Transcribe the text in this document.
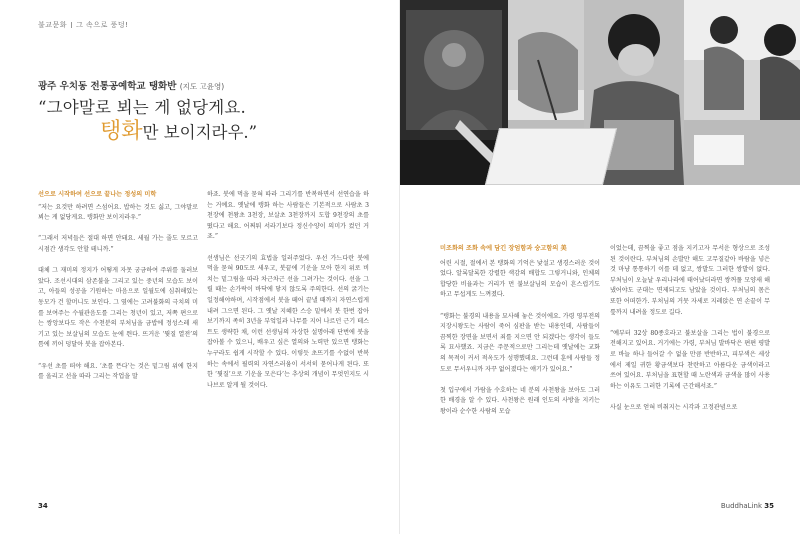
불교문화 그 속으로 풍덩!
광주 우치동 전통공예학교 탱화반 (지도 고윤영)
“그야말로 뵈는 게 없당게요.
탱화만 보이지라우.”
선으로 시작하여 선으로 끝나는 정성의 미학

“저는 요것만 하려면 스섬어요. 밥하는 것도 싫고, 그야말로 뵈는 게 없당게요. 탱화만 보이지라우.”

“그래서 저녁들은 절대 하면 안돼요. 세월 가는 줄도 모르고 시점간 생각도 안할 테니까.”

대체 그 재미의 정지가 어떻게 자못 궁금하여 주위를 둘러보았다. 조선시대의 삼존불을 그리고 있는 중년의 모습도 보이고, 아들의 성공을 기원하는 마음으로 일월도에 심취해있는 동모가 건 할머니도 보인다. 그 옆에는 고려불화의 극치의 미를 보여주는 수월관음도를 그리는 청년이 있고, 저쪽 편으로는 쌍앙보다도 작은 수천분의 부처님을 금밥에 정성스레 새기고 있는 보살님의 모습도 눈에 띈다. 뜨거운 ‘뭣질 열전’의 틈에 끼어 덩달아 붓을 잡아본다.

“우선 초를 떠야 해요. ‘초를 뜬다’는 것은 밑그림 위에 한지를 올리고 선을 따라 그리는 작업을 말

하죠. 붓에 먹을 묻혀 따라 그리기를 반복하면서 선연습을 하는 거예요. 옛날에 탱화 하는 사람들은 기본적으로 사람초 3천장에 천왕초 3천장, 보살초 3천장까지 도합 9천장의 초를 떴다고 해요. 어쩌튀 서라기보다 정신수양이 의미가 컸던 거죠.”

선생님은 선긋기의 효법을 일러주었다. 우선 가느다란 붓에 먹을 묻혀 90도로 세우고, 붓끝에 기운을 모아 한지 위로 비치는 밑그림을 따라 차근차근 선을 그려가는 것이다. 선을 그릴 때는 손가락이 바닥에 닿지 않도록 주의한다. 선의 굵기는 일정해야하며, 시작점에서 붓을 떼어 끝낼 때까지 자연스럽게 내려 그으면 된다. 그 옛날 지혜한 스승 밑에서 붓 한번 잡아보기까지 족히 3년을 부엌일과 나무를 지어 나르던 근기 테스트도 생략한 채, 이런 선생님의 자상한 설명아래 단번에 붓을 잡아볼 수 있으니, 배우고 싶은 열의와 노력만 있으면 탱화는 누구라도 쉽게 시작할 수 있다. 이렇듯 초뜨기를 수없이 반복하는 속에서 필력의 자연스러움이 서서히 묻어나게 된다. 또한 ‘뭣질’으로 기운을 모은다’는 추상의 개념이 무엇인지도 시나브로 알게 될 것이다.

34
미조화의 조화 속에 담긴 장엄함과 숭고함의 美

어린 시절, 절에서 본 탱화의 기억은 낯설고 생경스러운 것이었다. 알록달록한 강렬한 색감의 배합도 그렇거니와, 인체의 합당한 비율과는 거리가 먼 불보살님의 모습이 흔스럽기도 하고 무섭게도 느껴졌다.

“탱화는 불경의 내용을 묘사해 놓은 것이에요. 가령 영부전의 지장시왕도는 사람이 죽어 심판을 받는 내용인데, 사람들이 끔찍한 장면을 보면서 죄를 지으면 안 되겠다는 생각이 들도록 묘사했죠. 지금은 주문적으로만 그리는데 옛날에는 교화의 목적이 커서 적옥도가 성행했데요. 그런데 훈에 사람들 정도로 무서우니까 자꾸 없어졌다는 얘기가 있어요.”

첫 입구에서 가람을 수호하는 네 분의 사천왕을 보아도 그러한 배경을 알 수 있다. 사천왕은 원래 인도의 사방을 지키는 왕이라 순수한 사람의 모습

이었는데, 끔찍을 좋고 점을 지키고자 무서운 형상으로 조성된 것이란다. 부처님의 손발만 해도 고무질같아 바람을 넣은 것 마냥 통통하기 이를 데 없고, 쌍발도 그러한 쌍발이 없다. 부처님이 오늘날 우리나라에 태어났더라면 쌍꺼풀 모양새 해냈어야도 군대는 면제되고도 남았을 것이다. 부처님의 몸은 또한 어떠한가. 부처님의 거뭇 자세로 지레앉은 연 손끝이 무릎까지 내려올 정도로 길다.

“예부터 32상 80종호라고 불보살을 그리는 법이 불경으로 전해지고 있어요. 거기에는 가령, 부처님 발바닥은 편편 평발로 바늘 하나 들어갈 수 없을 만큼 반반하고, 피부색은 세상에서 제일 귀한 황금색보다 찬란하고 아름다운 금색이라고 쓰여 있어요. 부처님을 표현할 때 노란색과 금색을 많이 사용하는 이유도 그러한 기록에 근간해서죠.”

사실 눈으로 얻혀 비춰지는 시각과 고정관념으로

BuddhaLink 35
